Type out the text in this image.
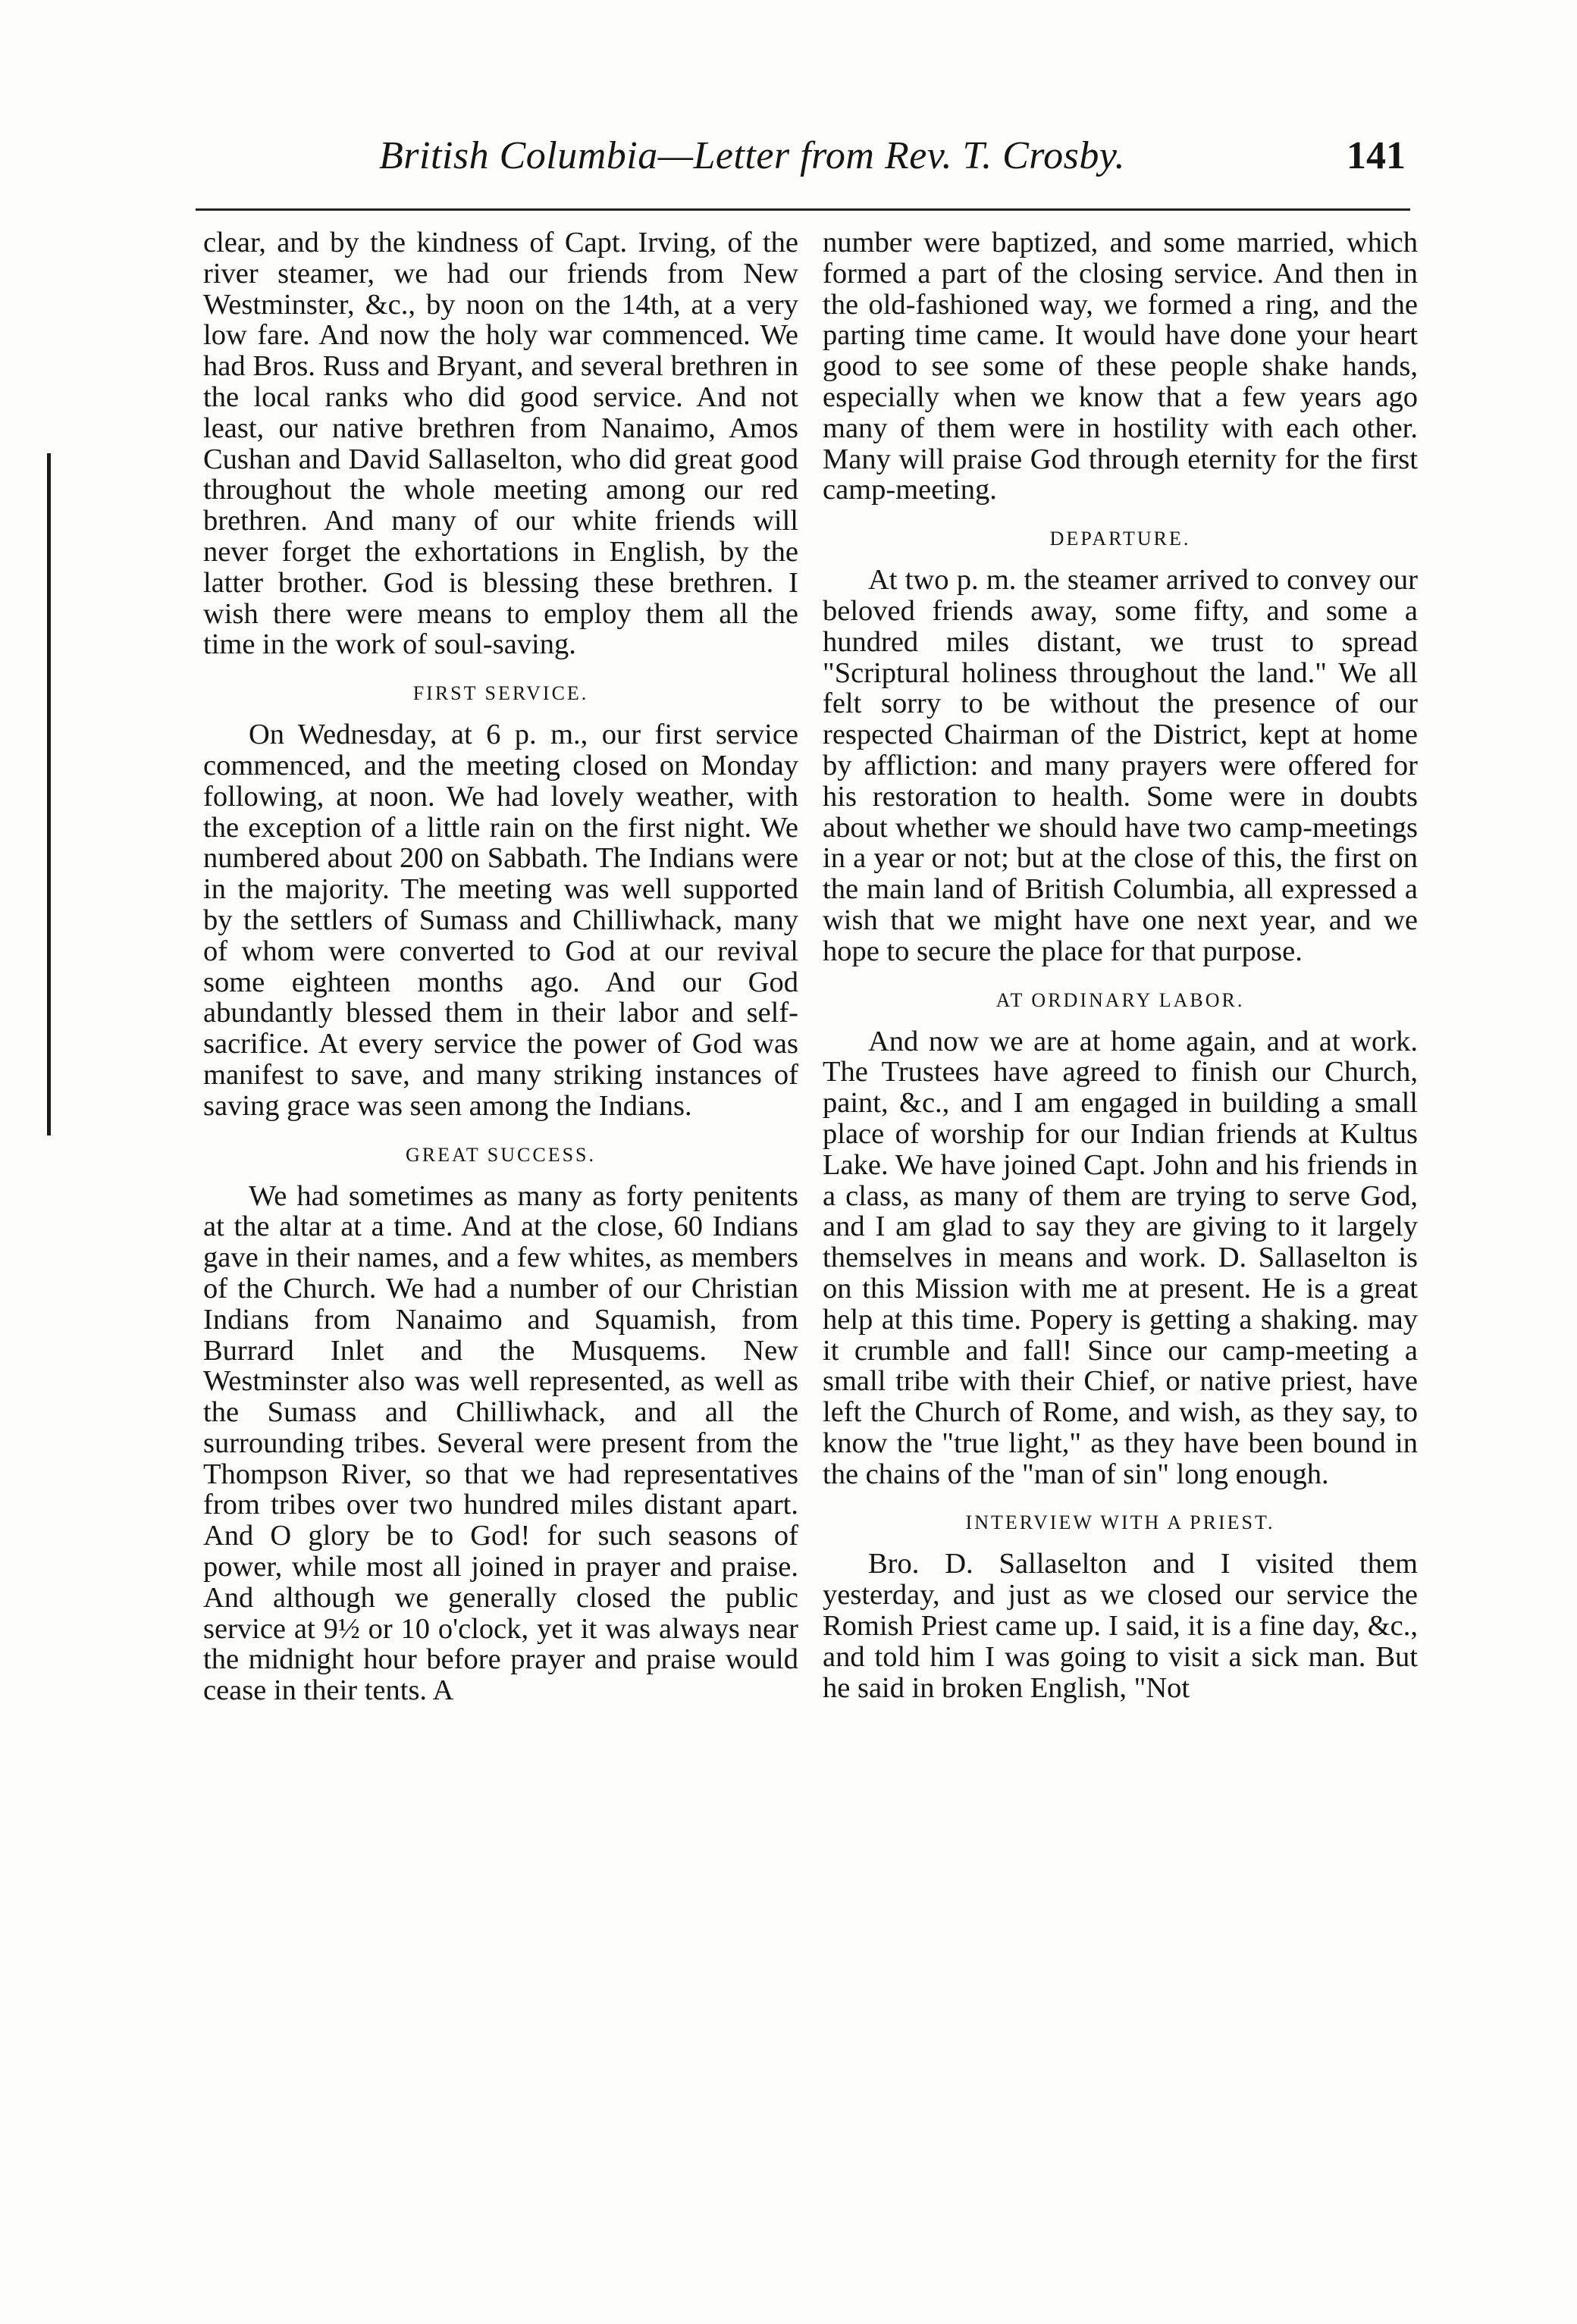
British Columbia—Letter from Rev. T. Crosby.	141

clear, and by the kindness of Capt. Irving, of the river steamer, we had our friends from New Westminster, &c., by noon on the 14th, at a very low fare. And now the holy war commenced. We had Bros. Russ and Bryant, and several brethren in the local ranks who did good service. And not least, our native brethren from Nanaimo, Amos Cushan and David Sallaselton, who did great good throughout the whole meeting among our red brethren. And many of our white friends will never forget the exhortations in English, by the latter brother. God is blessing these brethren. I wish there were means to employ them all the time in the work of soul-saving.

FIRST SERVICE.

On Wednesday, at 6 p. m., our first service commenced, and the meeting closed on Monday following, at noon. We had lovely weather, with the exception of a little rain on the first night. We numbered about 200 on Sabbath. The Indians were in the majority. The meeting was well supported by the settlers of Sumass and Chilliwhack, many of whom were converted to God at our revival some eighteen months ago. And our God abundantly blessed them in their labor and self-sacrifice. At every service the power of God was manifest to save, and many striking instances of saving grace was seen among the Indians.

GREAT SUCCESS.

We had sometimes as many as forty penitents at the altar at a time. And at the close, 60 Indians gave in their names, and a few whites, as members of the Church. We had a number of our Christian Indians from Nanaimo and Squamish, from Burrard Inlet and the Musquems. New Westminster also was well represented, as well as the Sumass and Chilliwhack, and all the surrounding tribes. Several were present from the Thompson River, so that we had representatives from tribes over two hundred miles distant apart. And O glory be to God! for such seasons of power, while most all joined in prayer and praise. And although we generally closed the public service at 9½ or 10 o'clock, yet it was always near the midnight hour before prayer and praise would cease in their tents. A

number were baptized, and some married, which formed a part of the closing service. And then in the old-fashioned way, we formed a ring, and the parting time came. It would have done your heart good to see some of these people shake hands, especially when we know that a few years ago many of them were in hostility with each other. Many will praise God through eternity for the first camp-meeting.

DEPARTURE.

At two p. m. the steamer arrived to convey our beloved friends away, some fifty, and some a hundred miles distant, we trust to spread "Scriptural holiness throughout the land." We all felt sorry to be without the presence of our respected Chairman of the District, kept at home by affliction: and many prayers were offered for his restoration to health. Some were in doubts about whether we should have two camp-meetings in a year or not; but at the close of this, the first on the main land of British Columbia, all expressed a wish that we might have one next year, and we hope to secure the place for that purpose.

AT ORDINARY LABOR.

And now we are at home again, and at work. The Trustees have agreed to finish our Church, paint, &c., and I am engaged in building a small place of worship for our Indian friends at Kultus Lake. We have joined Capt. John and his friends in a class, as many of them are trying to serve God, and I am glad to say they are giving to it largely themselves in means and work. D. Sallaselton is on this Mission with me at present. He is a great help at this time. Popery is getting a shaking. may it crumble and fall! Since our camp-meeting a small tribe with their Chief, or native priest, have left the Church of Rome, and wish, as they say, to know the "true light," as they have been bound in the chains of the "man of sin" long enough.

INTERVIEW WITH A PRIEST.

Bro. D. Sallaselton and I visited them yesterday, and just as we closed our service the Romish Priest came up. I said, it is a fine day, &c., and told him I was going to visit a sick man. But he said in broken English, "Not
